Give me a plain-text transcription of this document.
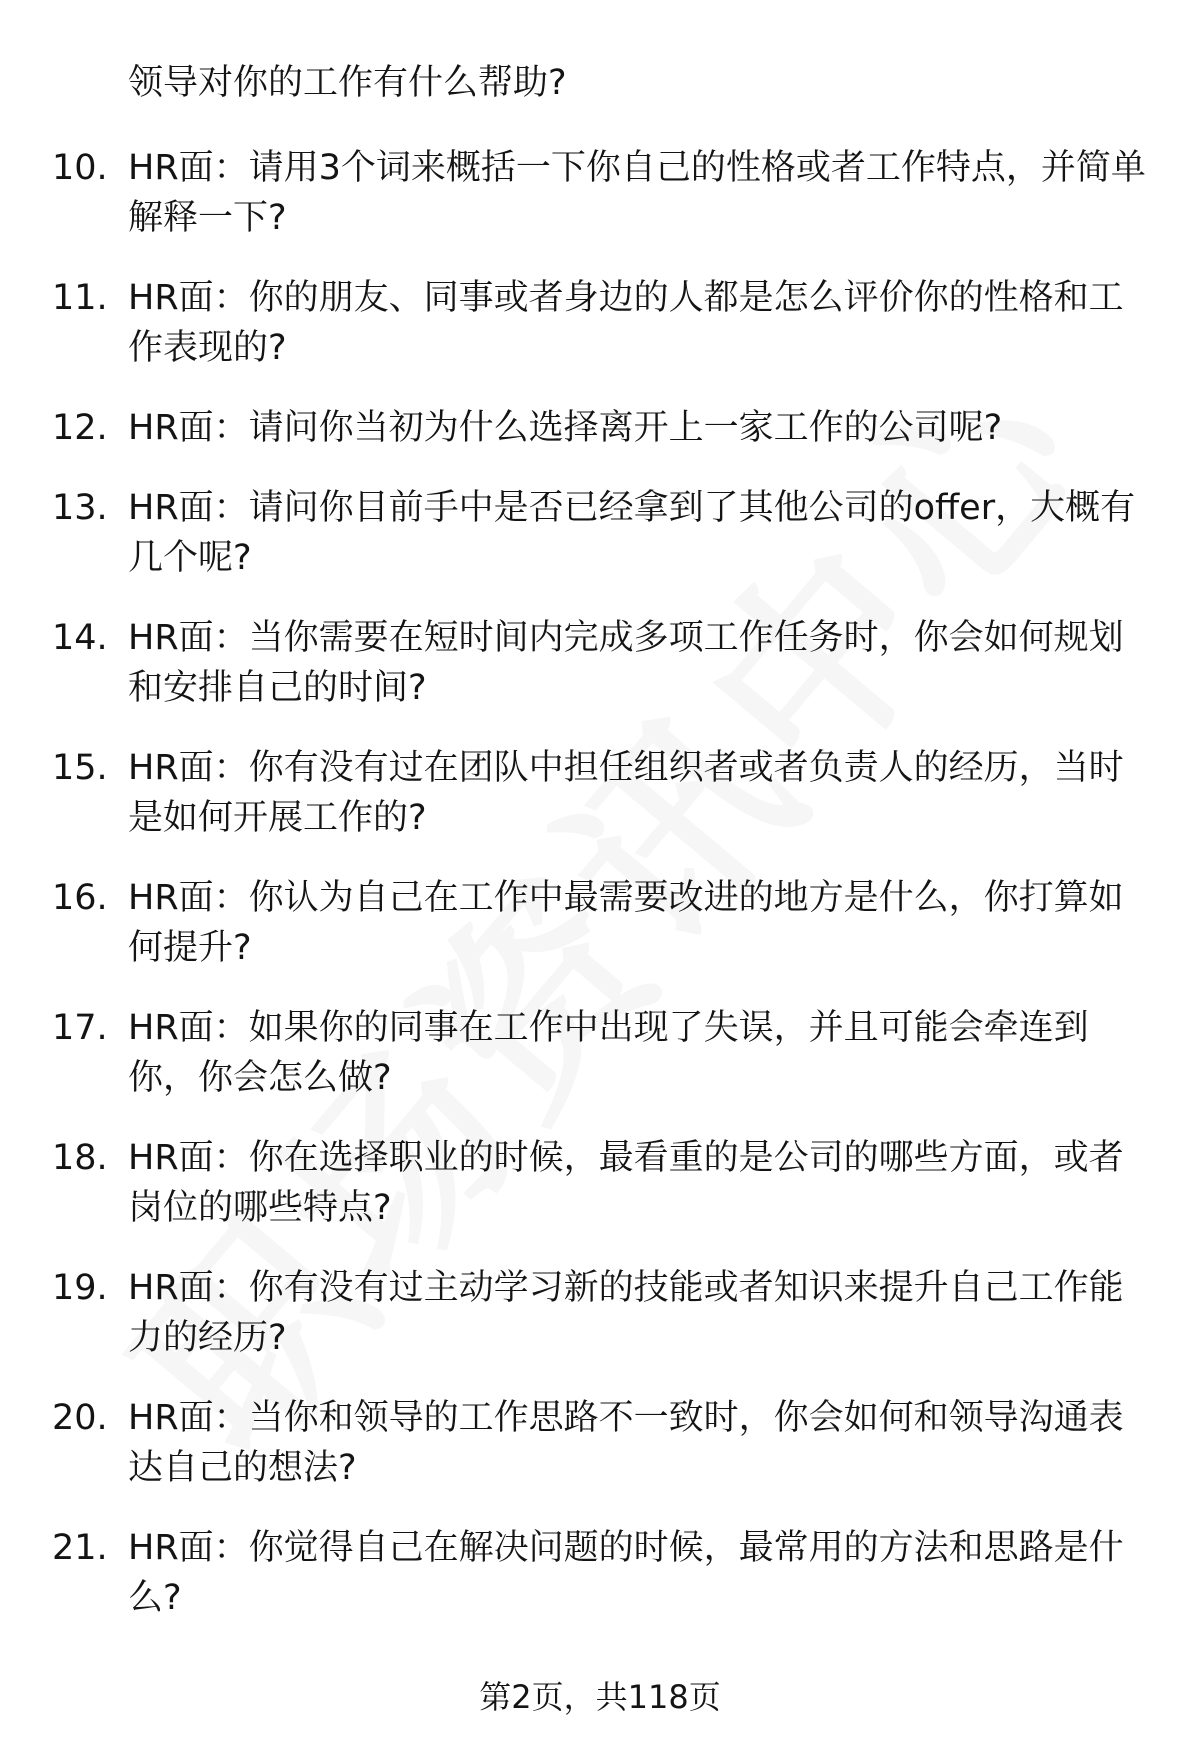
领导对你的工作有什么帮助?
10. HR面：请用3个词来概括一下你自己的性格或者工作特点，并简单解释一下?
11. HR面：你的朋友、同事或者身边的人都是怎么评价你的性格和工作表现的?
12. HR面：请问你当初为什么选择离开上一家工作的公司呢?
13. HR面：请问你目前手中是否已经拿到了其他公司的offer，大概有几个呢?
14. HR面：当你需要在短时间内完成多项工作任务时，你会如何规划和安排自己的时间?
15. HR面：你有没有过在团队中担任组织者或者负责人的经历，当时是如何开展工作的?
16. HR面：你认为自己在工作中最需要改进的地方是什么，你打算如何提升?
17. HR面：如果你的同事在工作中出现了失误，并且可能会牵连到你，你会怎么做?
18. HR面：你在选择职业的时候，最看重的是公司的哪些方面，或者岗位的哪些特点?
19. HR面：你有没有过主动学习新的技能或者知识来提升自己工作能力的经历?
20. HR面：当你和领导的工作思路不一致时，你会如何和领导沟通表达自己的想法?
21. HR面：你觉得自己在解决问题的时候，最常用的方法和思路是什么?
第2页，共118页
